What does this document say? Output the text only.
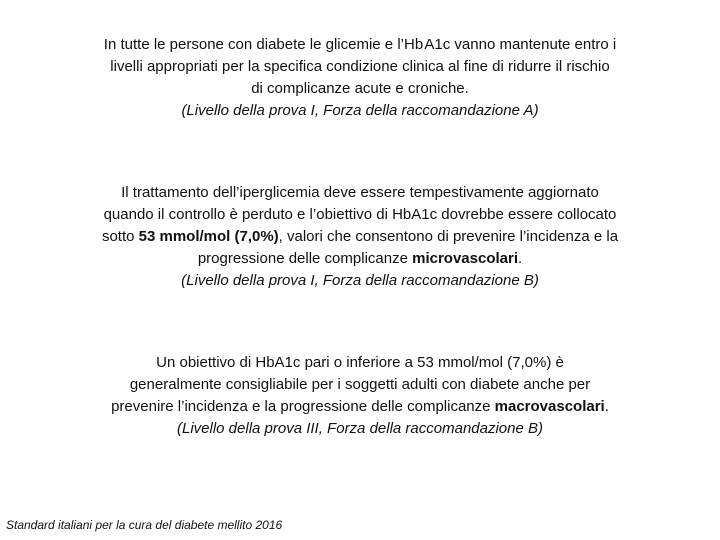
In tutte le persone con diabete le glicemie e l’Hb A1c vanno mantenute entro i
livelli appropriati per la specifica condizione clinica al fine di ridurre il rischio
di complicanze acute e croniche.
(Livello della prova I, Forza della raccomandazione A)
Il trattamento dell’iperglicemia deve essere tempestivamente aggiornato
quando il controllo è perduto e l’obiettivo di HbA1c dovrebbe essere collocato
sotto 53 mmol/mol (7,0%), valori che consentono di prevenire l’incidenza e la
progressione delle complicanze microvascolari.
(Livello della prova I, Forza della raccomandazione B)
Un obiettivo di HbA1c pari o inferiore a 53 mmol/mol (7,0%) è
generalmente consigliabile per i soggetti adulti con diabete anche per
prevenire l’incidenza e la progressione delle complicanze macrovascolari.
(Livello della prova III, Forza della raccomandazione B)
Standard italiani per la cura del diabete mellito 2016
